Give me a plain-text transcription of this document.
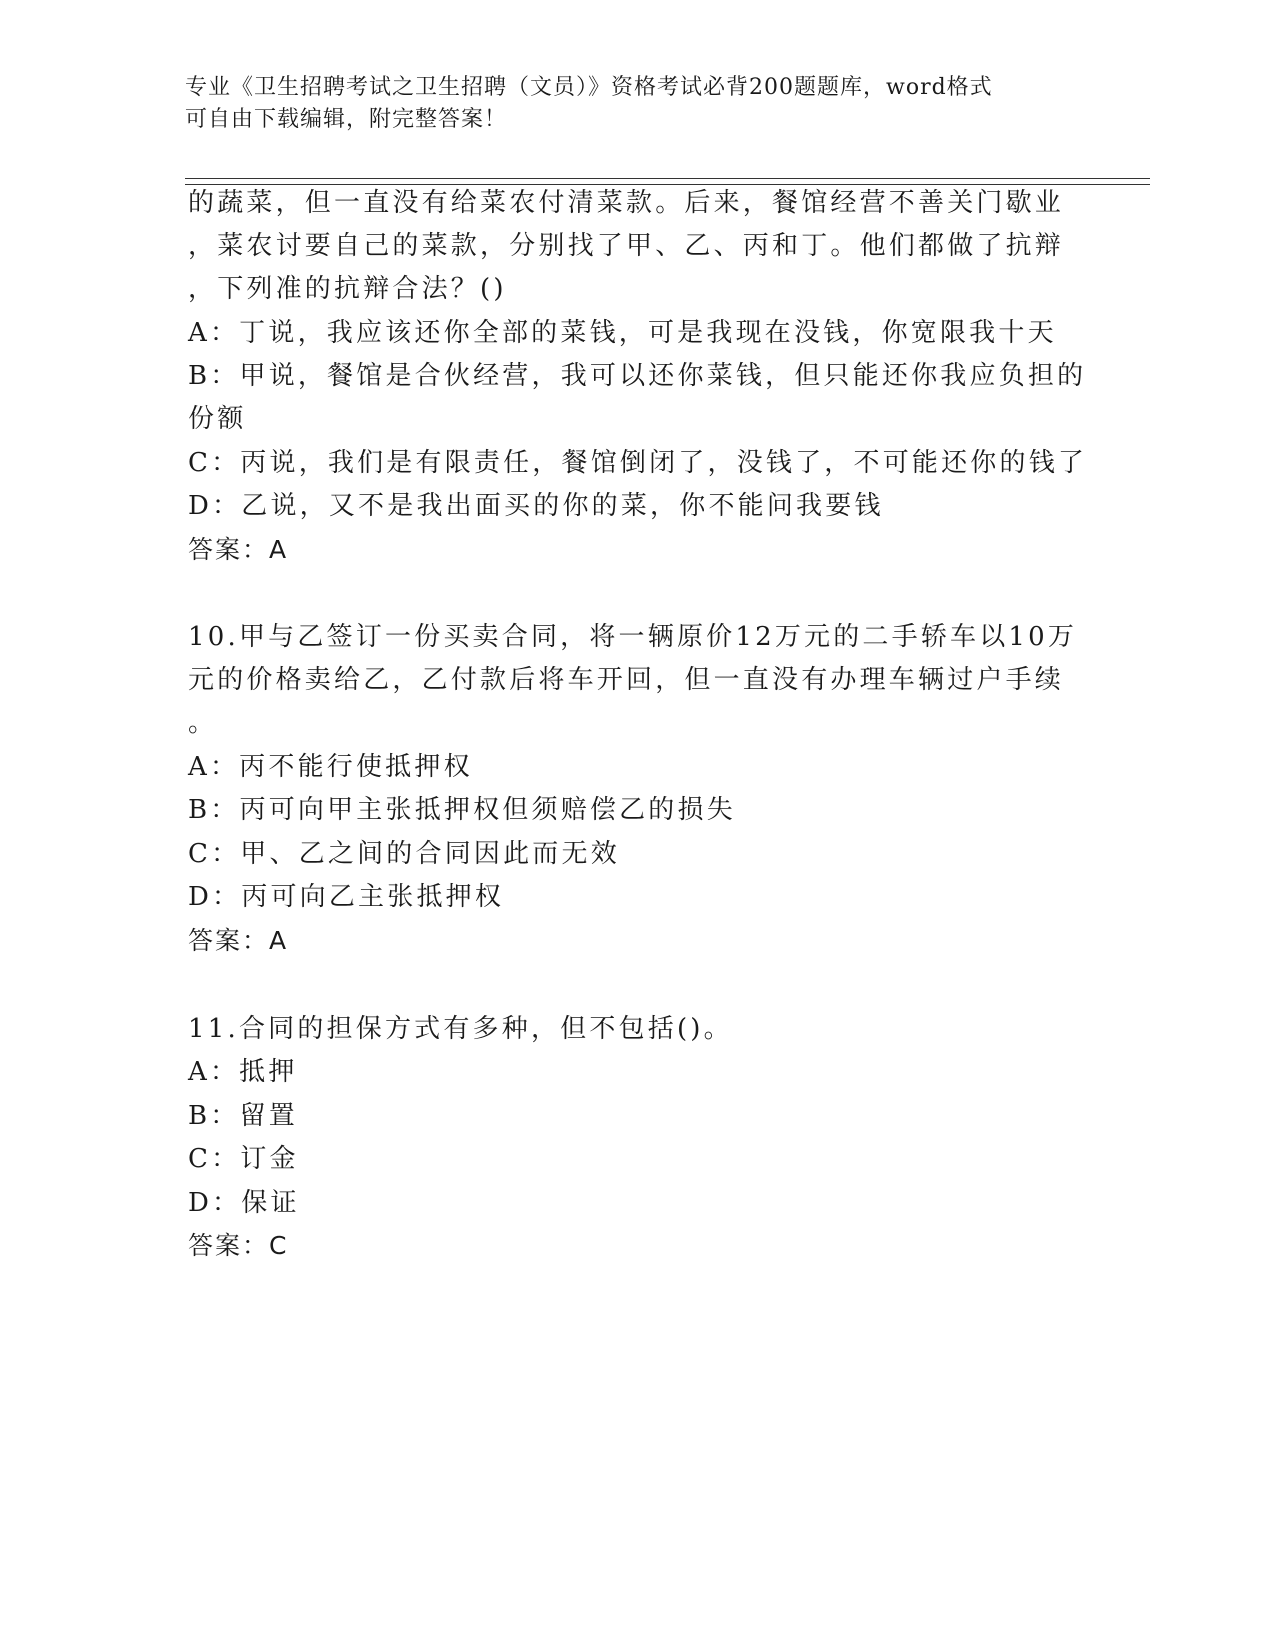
专业《卫生招聘考试之卫生招聘（文员）》资格考试必背200题题库，word格式
可自由下载编辑，附完整答案！
的蔬菜，但一直没有给菜农付清菜款。后来，餐馆经营不善关门歇业
，菜农讨要自己的菜款，分别找了甲、乙、丙和丁。他们都做了抗辩
，下列准的抗辩合法？()
A：丁说，我应该还你全部的菜钱，可是我现在没钱，你宽限我十天
B：甲说，餐馆是合伙经营，我可以还你菜钱，但只能还你我应负担的
份额
C：丙说，我们是有限责任，餐馆倒闭了，没钱了，不可能还你的钱了
D：乙说，又不是我出面买的你的菜，你不能问我要钱
答案：A
10.甲与乙签订一份买卖合同，将一辆原价12万元的二手轿车以10万
元的价格卖给乙，乙付款后将车开回，但一直没有办理车辆过户手续
。
A：丙不能行使抵押权
B：丙可向甲主张抵押权但须赔偿乙的损失
C：甲、乙之间的合同因此而无效
D：丙可向乙主张抵押权
答案：A
11.合同的担保方式有多种，但不包括()。
A：抵押
B：留置
C：订金
D：保证
答案：C
